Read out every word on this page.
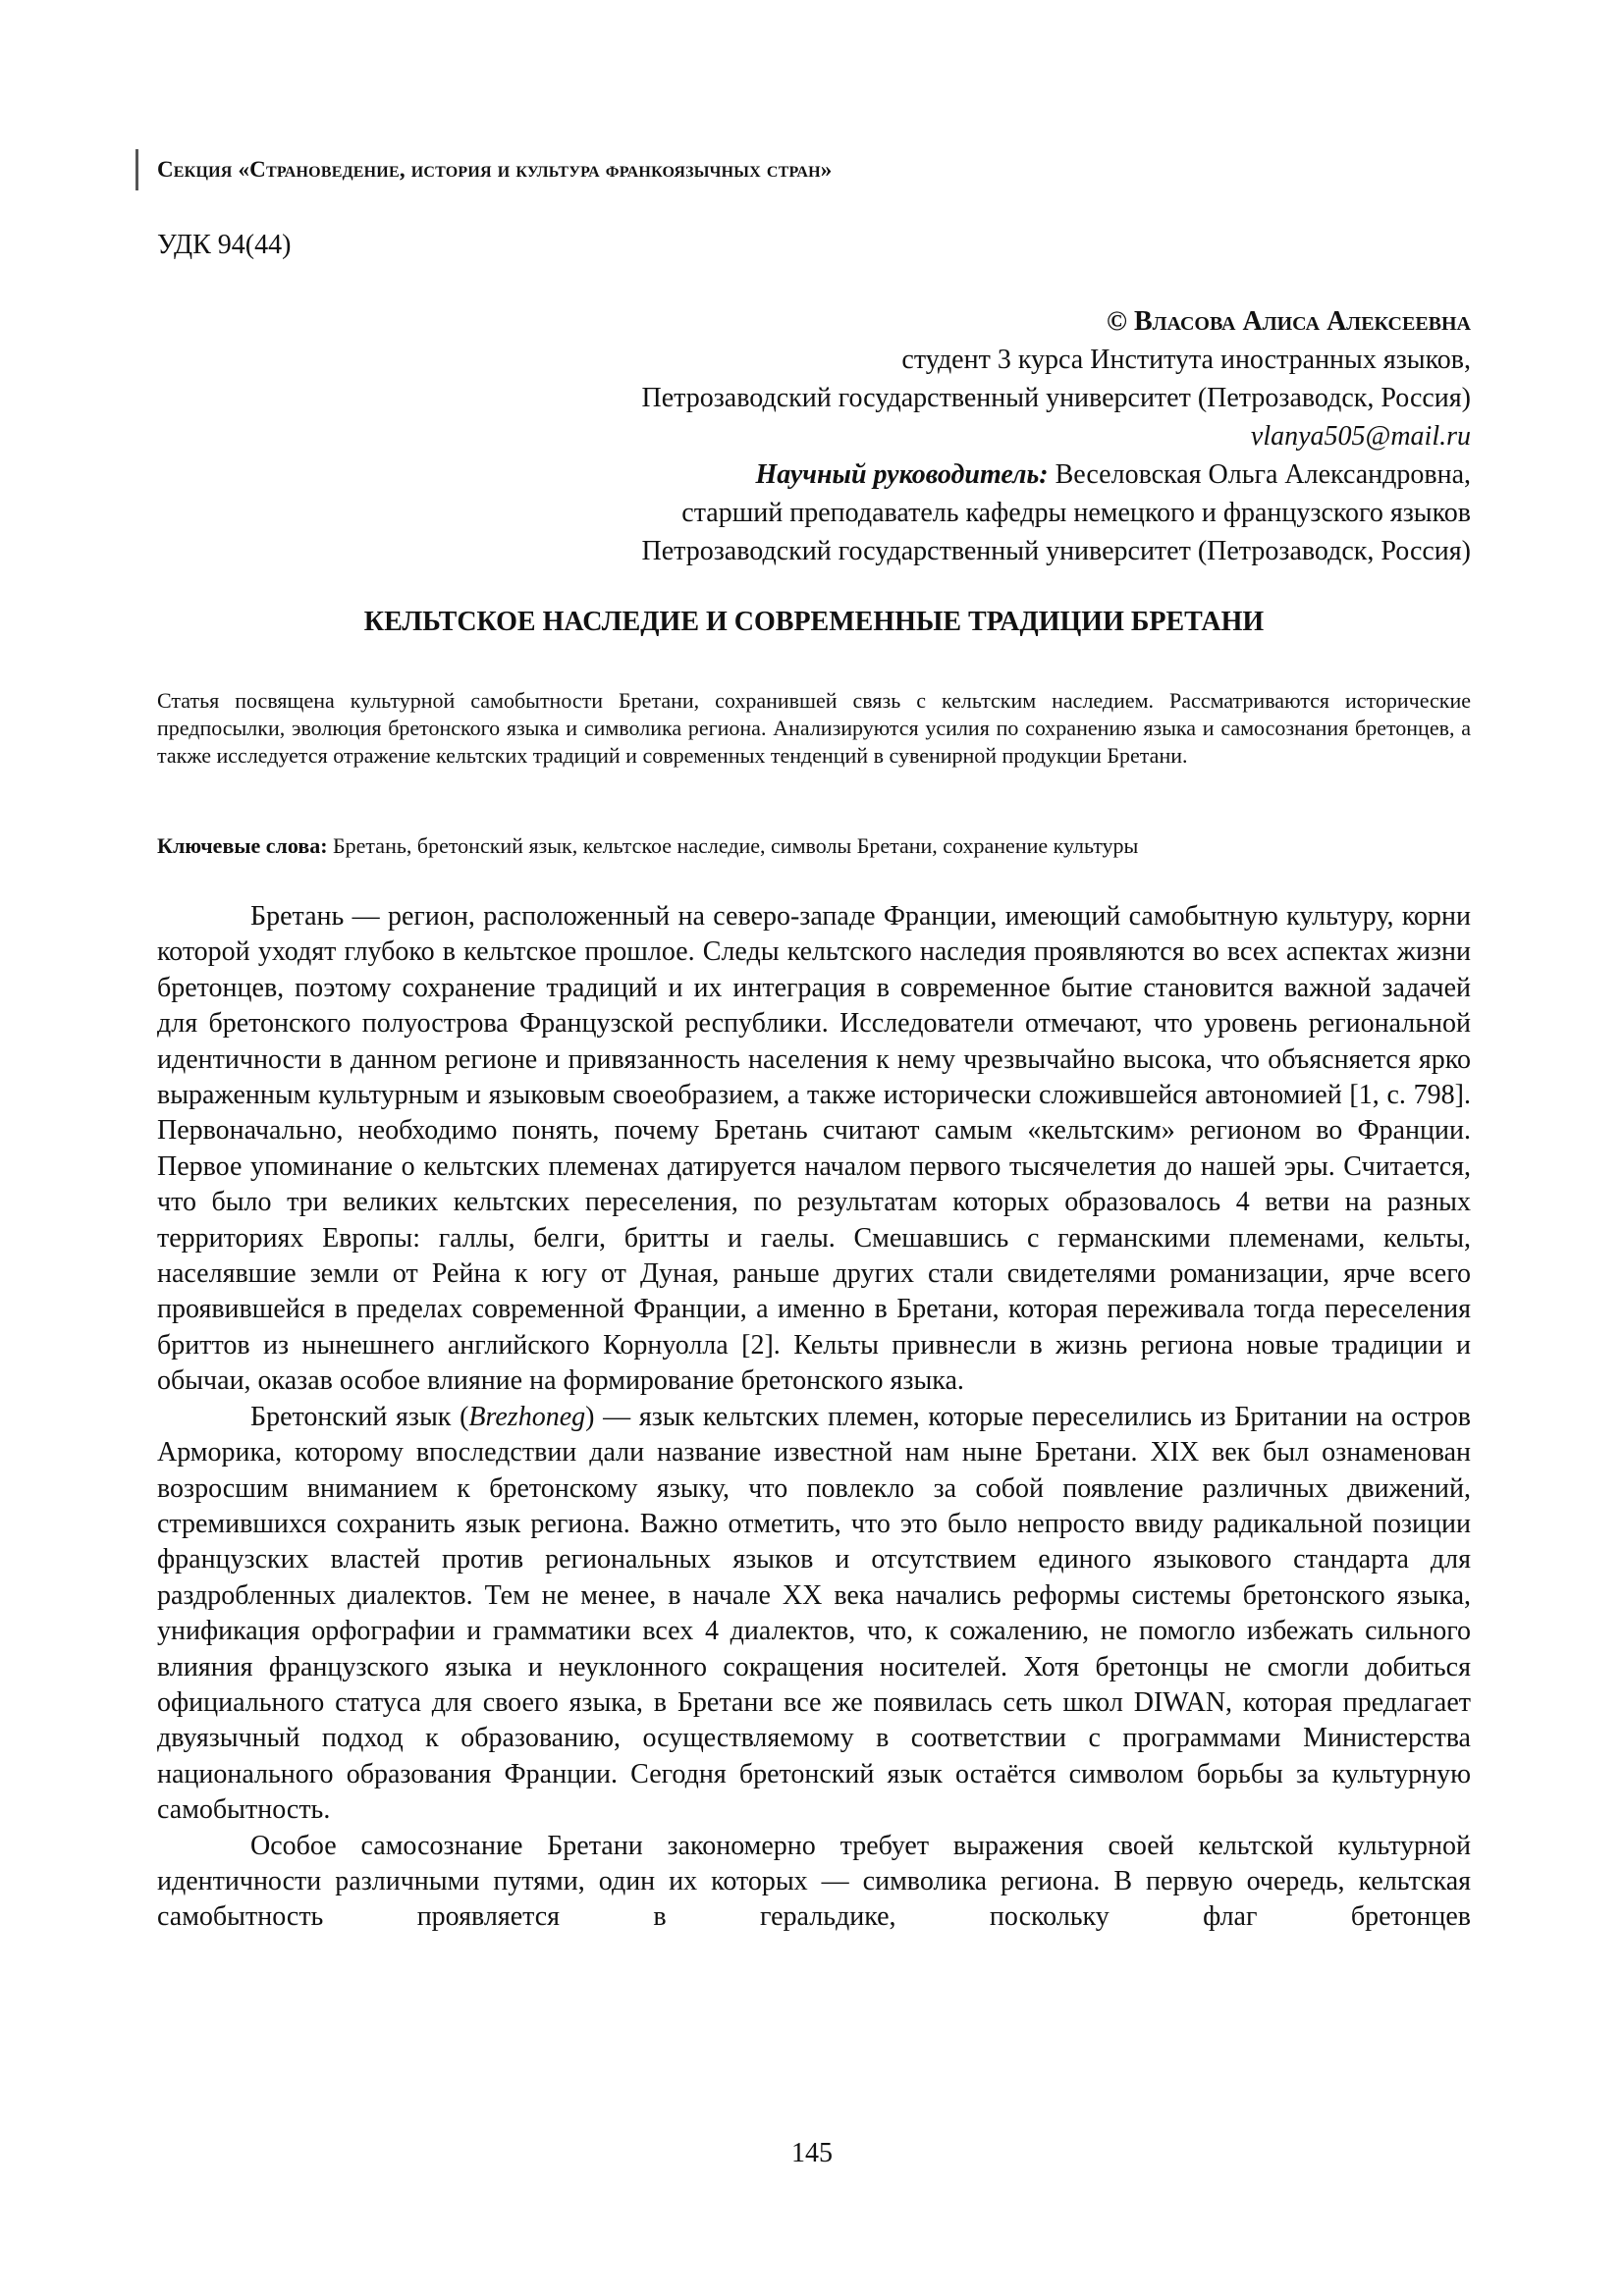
Секция «Страноведение, история и культура франкоязычных стран»
УДК 94(44)
© Власова Алиса Алексеевна
студент 3 курса Института иностранных языков,
Петрозаводский государственный университет (Петрозаводск, Россия)
vlanya505@mail.ru
Научный руководитель: Веселовская Ольга Александровна,
старший преподаватель кафедры немецкого и французского языков
Петрозаводский государственный университет (Петрозаводск, Россия)
КЕЛЬТСКОЕ НАСЛЕДИЕ И СОВРЕМЕННЫЕ ТРАДИЦИИ БРЕТАНИ
Статья посвящена культурной самобытности Бретани, сохранившей связь с кельтским наследием. Рассматриваются исторические предпосылки, эволюция бретонского языка и символика региона. Анализируются усилия по сохранению языка и самосознания бретонцев, а также исследуется отражение кельтских традиций и современных тенденций в сувенирной продукции Бретани.
Ключевые слова: Бретань, бретонский язык, кельтское наследие, символы Бретани, сохранение культуры

Бретань — регион, расположенный на северо-западе Франции, имеющий самобытную культуру, корни которой уходят глубоко в кельтское прошлое. Следы кельтского наследия проявляются во всех аспектах жизни бретонцев, поэтому сохранение традиций и их интеграция в современное бытие становится важной задачей для бретонского полуострова Французской республики. Исследователи отмечают, что уровень региональной идентичности в данном регионе и привязанность населения к нему чрезвычайно высока, что объясняется ярко выраженным культурным и языковым своеобразием, а также исторически сложившейся автономией [1, с. 798]. Первоначально, необходимо понять, почему Бретань считают самым «кельтским» регионом во Франции. Первое упоминание о кельтских племенах датируется началом первого тысячелетия до нашей эры. Считается, что было три великих кельтских переселения, по результатам которых образовалось 4 ветви на разных территориях Европы: галлы, белги, бритты и гаелы. Смешавшись с германскими племенами, кельты, населявшие земли от Рейна к югу от Дуная, раньше других стали свидетелями романизации, ярче всего проявившейся в пределах современной Франции, а именно в Бретани, которая переживала тогда переселения бриттов из нынешнего английского Корнуолла [2]. Кельты привнесли в жизнь региона новые традиции и обычаи, оказав особое влияние на формирование бретонского языка.

Бретонский язык (Brezhoneg) — язык кельтских племен, которые переселились из Британии на остров Арморика, которому впоследствии дали название известной нам ныне Бретани. XIX век был ознаменован возросшим вниманием к бретонскому языку, что повлекло за собой появление различных движений, стремившихся сохранить язык региона. Важно отметить, что это было непросто ввиду радикальной позиции французских властей против региональных языков и отсутствием единого языкового стандарта для раздробленных диалектов. Тем не менее, в начале XX века начались реформы системы бретонского языка, унификация орфографии и грамматики всех 4 диалектов, что, к сожалению, не помогло избежать сильного влияния французского языка и неуклонного сокращения носителей. Хотя бретонцы не смогли добиться официального статуса для своего языка, в Бретани все же появилась сеть школ DIWAN, которая предлагает двуязычный подход к образованию, осуществляемому в соответствии с программами Министерства национального образования Франции. Сегодня бретонский язык остаётся символом борьбы за культурную самобытность.

Особое самосознание Бретани закономерно требует выражения своей кельтской культурной идентичности различными путями, один их которых — символика региона. В первую очередь, кельтская самобытность проявляется в геральдике, поскольку флаг бретонцев

145
